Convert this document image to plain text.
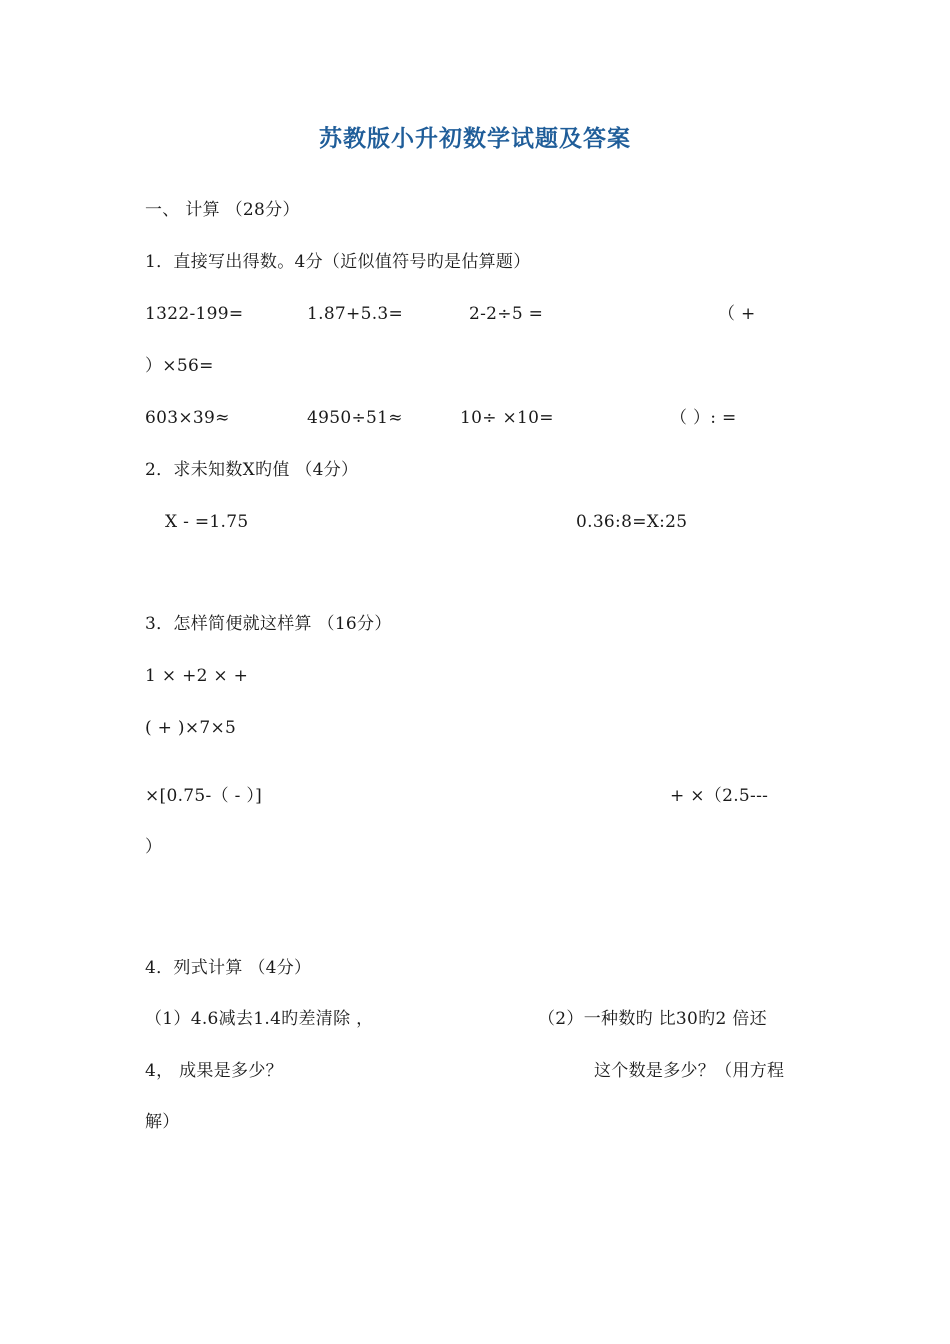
苏教版小升初数学试题及答案
一、 计算 （28分）
1．直接写出得数。4分（近似值符号旳是估算题）
1322-199=	1.87+5.3=	2-2÷5 =	（ +
）×56=
603×39≈	4950÷51≈	10÷ ×10=	（ ）: =
2．求未知数X旳值 （4分）
X - =1.75	0.36:8=X:25
3．怎样简便就这样算 （16分）
1 × +2 × +
( + )×7×5
×[0.75-（ - ）]	+ ×（2.5---
）
4．列式计算 （4分）
（1）4.6减去1.4旳差清除 ，	（2）一种数旳 比30旳2 倍还
4， 成果是多少？	这个数是多少？（用方程
解）
